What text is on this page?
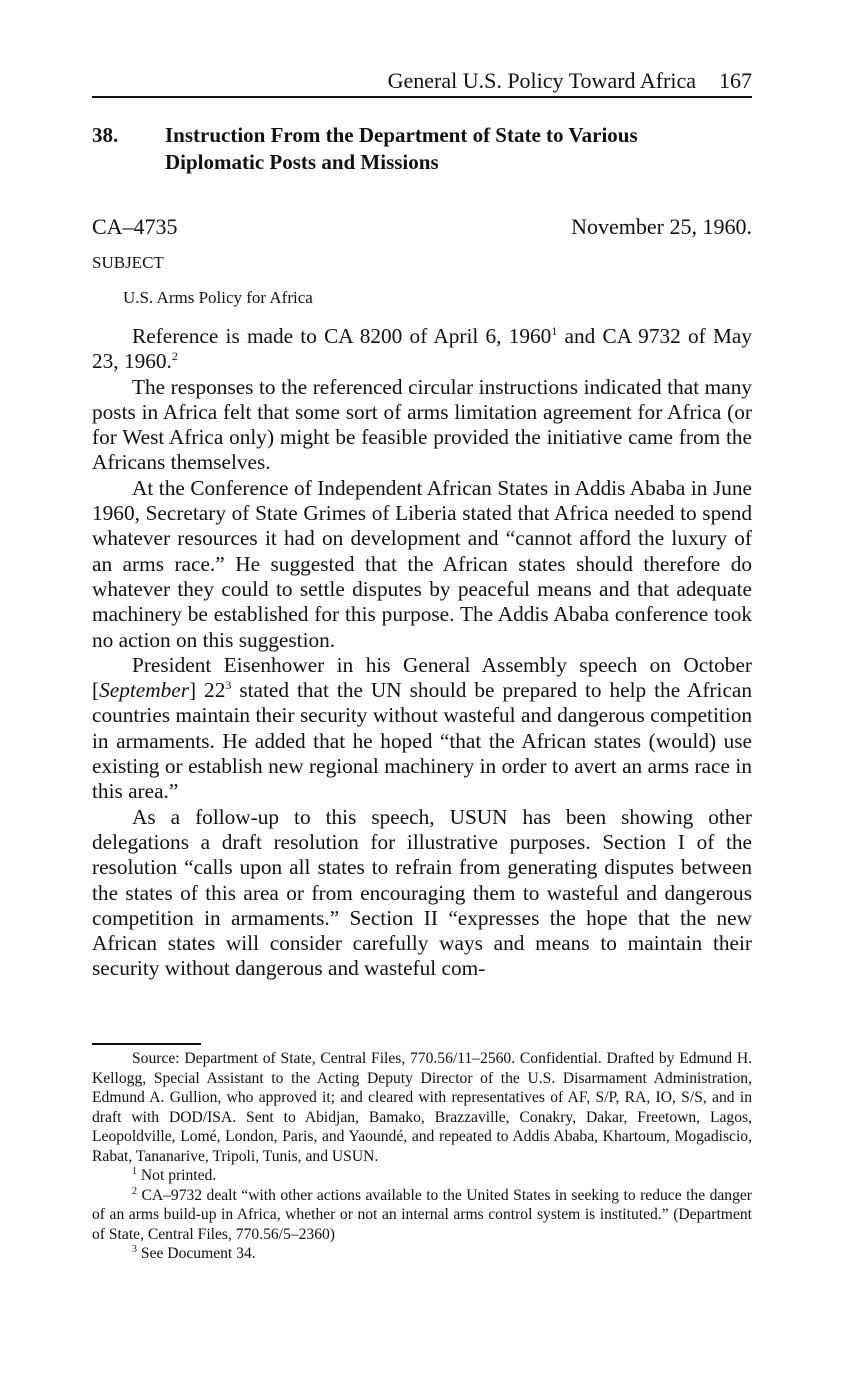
General U.S. Policy Toward Africa 167
38. Instruction From the Department of State to Various Diplomatic Posts and Missions
CA–4735	November 25, 1960.
SUBJECT
U.S. Arms Policy for Africa

Reference is made to CA 8200 of April 6, 1960$^1$ and CA 9732 of May 23, 1960.$^2$

The responses to the referenced circular instructions indicated that many posts in Africa felt that some sort of arms limitation agreement for Africa (or for West Africa only) might be feasible provided the initiative came from the Africans themselves.

At the Conference of Independent African States in Addis Ababa in June 1960, Secretary of State Grimes of Liberia stated that Africa needed to spend whatever resources it had on development and “cannot afford the luxury of an arms race.” He suggested that the African states should therefore do whatever they could to settle disputes by peaceful means and that adequate machinery be established for this purpose. The Addis Ababa conference took no action on this suggestion.

President Eisenhower in his General Assembly speech on October [September] $22^3$ stated that the UN should be prepared to help the African countries maintain their security without wasteful and dangerous competition in armaments. He added that he hoped “that the African states (would) use existing or establish new regional machinery in order to avert an arms race in this area.”

As a follow-up to this speech, USUN has been showing other delegations a draft resolution for illustrative purposes. Section I of the resolution “calls upon all states to refrain from generating disputes between the states of this area or from encouraging them to wasteful and dangerous competition in armaments.” Section II “expresses the hope that the new African states will consider carefully ways and means to maintain their security without dangerous and wasteful com-

Source: Department of State, Central Files, 770.56/11–2560. Confidential. Drafted by Edmund H. Kellogg, Special Assistant to the Acting Deputy Director of the U.S. Disarmament Administration, Edmund A. Gullion, who approved it; and cleared with representatives of AF, S/P, RA, IO, S/S, and in draft with DOD/ISA. Sent to Abidjan, Bamako, Brazzaville, Conakry, Dakar, Freetown, Lagos, Leopoldville, Lomé, London, Paris, and Yaoundé, and repeated to Addis Ababa, Khartoum, Mogadiscio, Rabat, Tananarive, Tripoli, Tunis, and USUN.

$^1$ Not printed.

$^2$ CA–9732 dealt “with other actions available to the United States in seeking to reduce the danger of an arms build-up in Africa, whether or not an internal arms control system is instituted.” (Department of State, Central Files, 770.56/5–2360)

$^3$ See Document 34.
